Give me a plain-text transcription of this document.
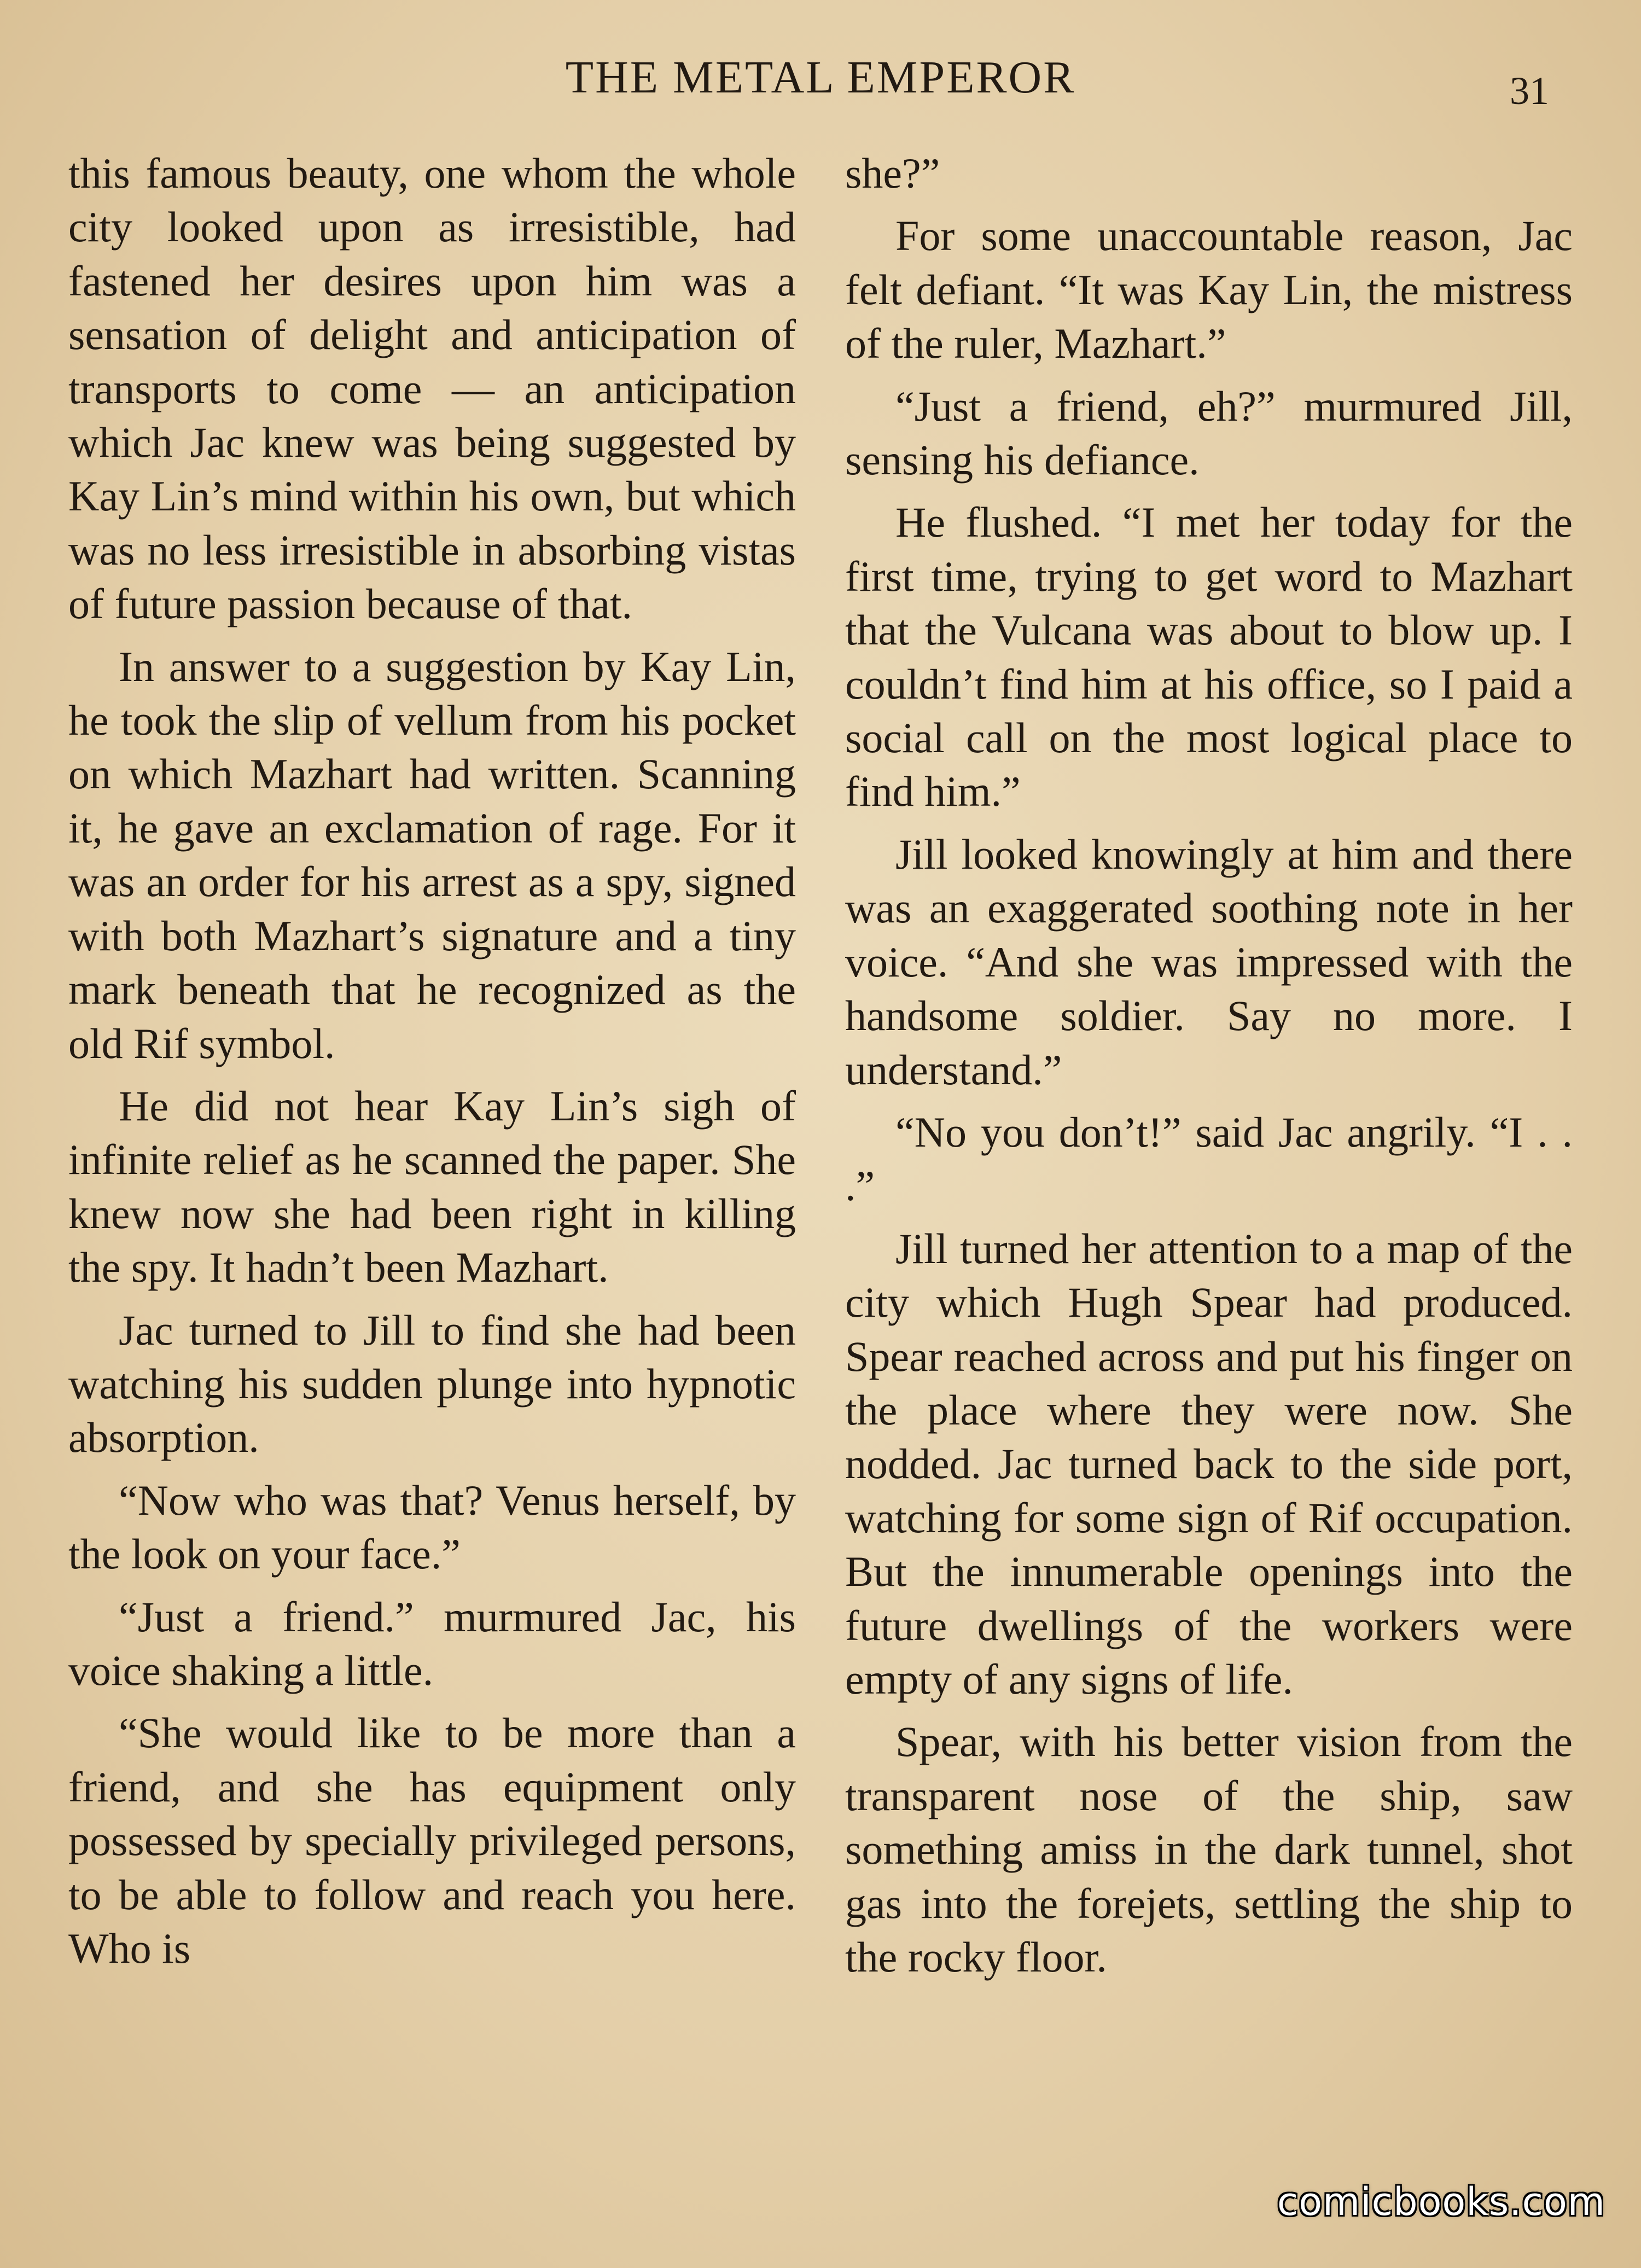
THE METAL EMPEROR	31

this famous beauty, one whom the whole city looked upon as irresistible, had fastened her desires upon him was a sensation of delight and anticipation of transports to come — an anticipation which Jac knew was being suggested by Kay Lin’s mind within his own, but which was no less irresistible in absorbing vistas of future passion because of that.

In answer to a suggestion by Kay Lin, he took the slip of vellum from his pocket on which Mazhart had written. Scanning it, he gave an exclamation of rage. For it was an order for his arrest as a spy, signed with both Mazhart’s signature and a tiny mark beneath that he recognized as the old Rif symbol.

He did not hear Kay Lin’s sigh of infinite relief as he scanned the paper. She knew now she had been right in killing the spy. It hadn’t been Mazhart.

Jac turned to Jill to find she had been watching his sudden plunge into hypnotic absorption.

“Now who was that? Venus herself, by the look on your face.”

“Just a friend.” murmured Jac, his voice shaking a little.

“She would like to be more than a friend, and she has equipment only possessed by specially privileged persons, to be able to follow and reach you here. Who is

she?”

For some unaccountable reason, Jac felt defiant. “It was Kay Lin, the mistress of the ruler, Mazhart.”

“Just a friend, eh?” murmured Jill, sensing his defiance.

He flushed. “I met her today for the first time, trying to get word to Mazhart that the Vulcana was about to blow up. I couldn’t find him at his office, so I paid a social call on the most logical place to find him.”

Jill looked knowingly at him and there was an exaggerated soothing note in her voice. “And she was impressed with the handsome soldier. Say no more. I understand.”

“No you don’t!” said Jac angrily. “I . . .”

Jill turned her attention to a map of the city which Hugh Spear had produced. Spear reached across and put his finger on the place where they were now. She nodded. Jac turned back to the side port, watching for some sign of Rif occupation. But the innumerable openings into the future dwellings of the workers were empty of any signs of life.

Spear, with his better vision from the transparent nose of the ship, saw something amiss in the dark tunnel, shot gas into the forejets, settling the ship to the rocky floor.

comicbooks.com
